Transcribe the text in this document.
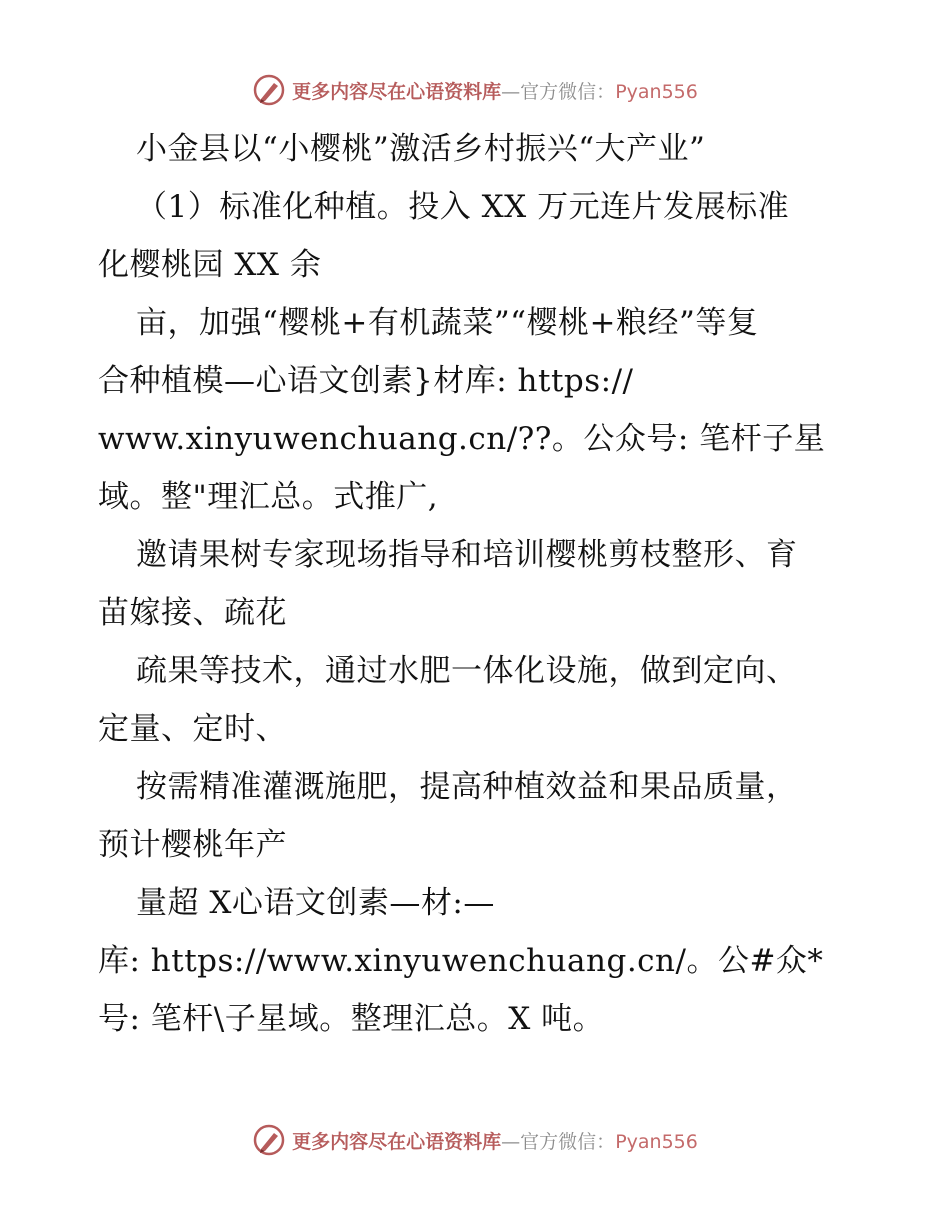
更多内容尽在心语资料库—官方微信：Pyan556
小金县以“小樱桃”激活乡村振兴“大产业”
（1）标准化种植。投入 XX 万元连片发展标准
化樱桃园 XX 余
亩，加强“樱桃+有机蔬菜”“樱桃+粮经”等复
合种植模—心语文创素}材库: https://
www.xinyuwenchuang.cn/??。公众号: 笔杆子星
域。整"理汇总。式推广,
邀请果树专家现场指导和培训樱桃剪枝整形、育
苗嫁接、疏花
疏果等技术，通过水肥一体化设施，做到定向、
定量、定时、
按需精准灌溉施肥，提高种植效益和果品质量，
预计樱桃年产
量超 X心语文创素—材:—
库: https://www.xinyuwenchuang.cn/。公#众*
号: 笔杆\子星域。整理汇总。X 吨。
更多内容尽在心语资料库—官方微信：Pyan556
